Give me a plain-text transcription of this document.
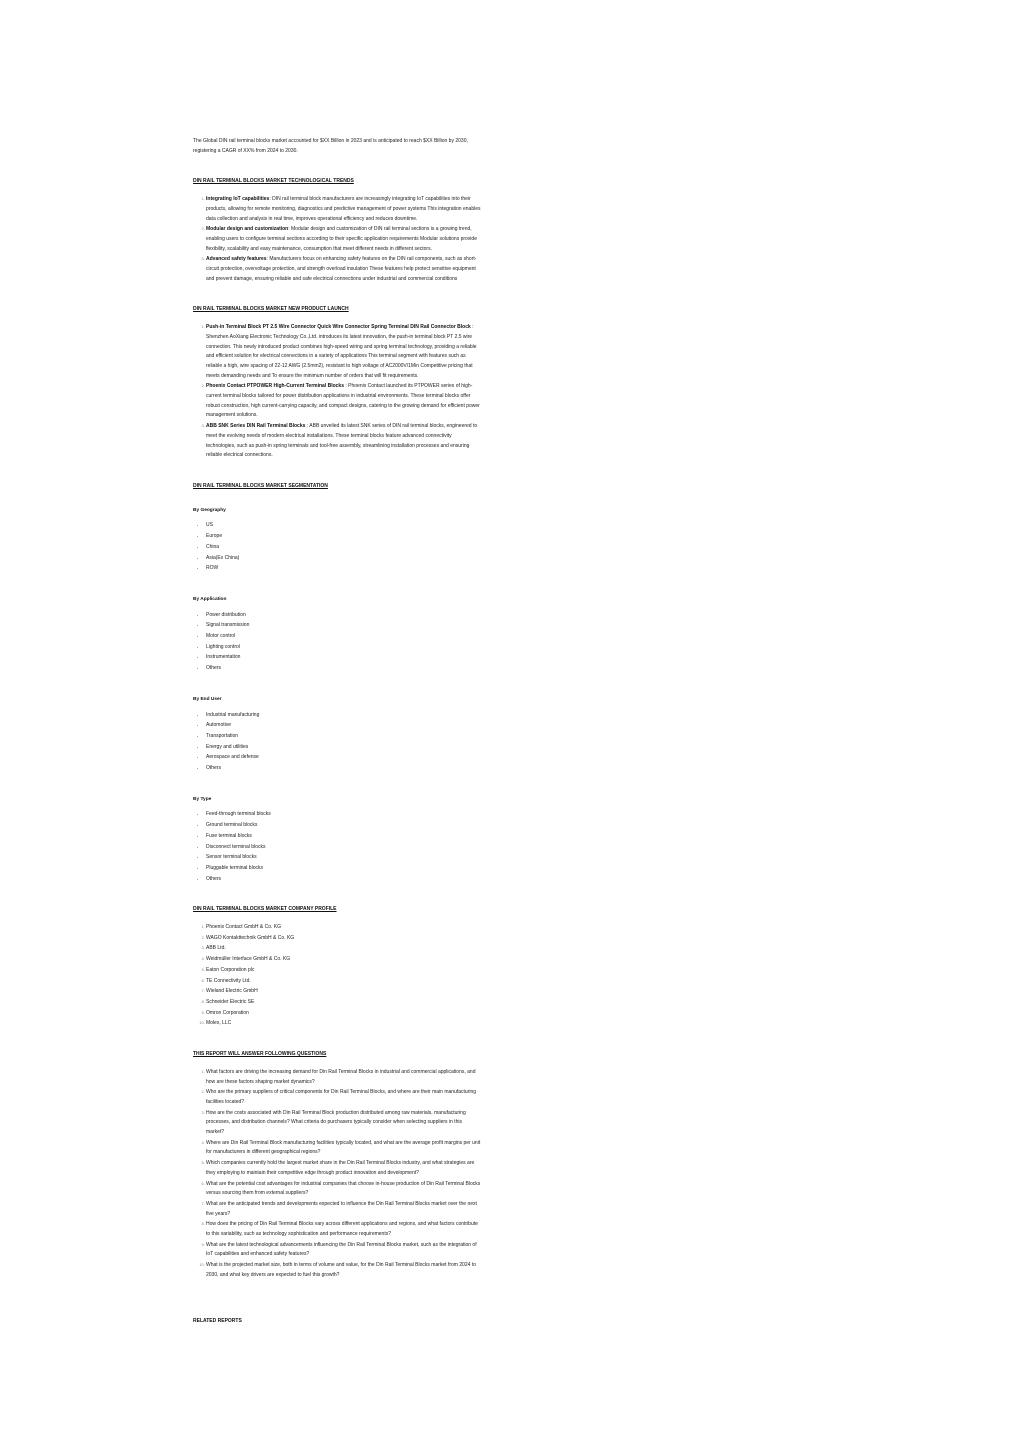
The Global DIN rail terminal blocks market accounted for $XX Billion in 2023 and is anticipated to reach $XX Billion by 2030, registering a CAGR of XX% from 2024 to 2030.

DIN RAIL TERMINAL BLOCKS MARKET TECHNOLOGICAL TRENDS
1. Integrating IoT capabilities: DIN rail terminal block manufacturers are increasingly integrating IoT capabilities into their products, allowing for remote monitoring, diagnostics and predictive management of power systems This integration enables data collection and analysis in real time, improves operational efficiency and reduces downtime.
2. Modular design and customization: Modular design and customization of DIN rail terminal sections is a growing trend, enabling users to configure terminal sections according to their specific application requirements Modular solutions provide flexibility, scalability and easy maintenance, consumption that meet different needs in different sectors.
3. Advanced safety features: Manufacturers focus on enhancing safety features on the DIN rail components, such as short-circuit protection, overvoltage protection, and strength overload insulation These features help protect sensitive equipment and prevent damage, ensuring reliable and safe electrical connections under industrial and commercial conditions
DIN RAIL TERMINAL BLOCKS MARKET NEW PRODUCT LAUNCH
1. Push-in Terminal Block PT 2.5 Wire Connector Quick Wire Connector Spring Terminal DIN Rail Connector Block : Shenzhen AoXiang Electronic Technology Co.,Ltd. introduces its latest innovation, the push-in terminal block PT 2.5 wire connection. This newly introduced product combines high-speed wiring and spring terminal technology, providing a reliable and efficient solution for electrical connections in a variety of applications This terminal segment with features such as reliable a high, wire spacing of 22-12 AWG (2.5mm2), resistant to high voltage of AC2000V/1Min Competitive pricing that meets demanding needs and To ensure the minimum number of orders that will fit requirements.
2. Phoenix Contact PTPOWER High-Current Terminal Blocks : Phoenix Contact launched its PTPOWER series of high-current terminal blocks tailored for power distribution applications in industrial environments. These terminal blocks offer robust construction, high current-carrying capacity, and compact designs, catering to the growing demand for efficient power management solutions.
3. ABB SNK Series DIN Rail Terminal Blocks : ABB unveiled its latest SNK series of DIN rail terminal blocks, engineered to meet the evolving needs of modern electrical installations. These terminal blocks feature advanced connectivity technologies, such as push-in spring terminals and tool-free assembly, streamlining installation processes and ensuring reliable electrical connections.
DIN RAIL TERMINAL BLOCKS MARKET SEGMENTATION
By Geography
• US
• Europe
• China
• Asia(Ex China)
• ROW
By Application
• Power distribution
• Signal transmission
• Motor control
• Lighting control
• Instrumentation
• Others
By End User
• Industrial manufacturing
• Automotive
• Transportation
• Energy and utilities
• Aerospace and defense
• Others
By Type
• Feed-through terminal blocks
• Ground terminal blocks
• Fuse terminal blocks
• Disconnect terminal blocks
• Sensor terminal blocks
• Pluggable terminal blocks
• Others
DIN RAIL TERMINAL BLOCKS MARKET COMPANY PROFILE
1. Phoenix Contact GmbH & Co. KG
2. WAGO Kontakttechnik GmbH & Co. KG
3. ABB Ltd.
4. Weidmüller Interface GmbH & Co. KG
5. Eaton Corporation plc
6. TE Connectivity Ltd.
7. Wieland Electric GmbH
8. Schneider Electric SE
9. Omron Corporation
10. Molex, LLC
THIS REPORT WILL ANSWER FOLLOWING QUESTIONS
1. What factors are driving the increasing demand for Din Rail Terminal Blocks in industrial and commercial applications, and how are these factors shaping market dynamics?
2. Who are the primary suppliers of critical components for Din Rail Terminal Blocks, and where are their main manufacturing facilities located?
3. How are the costs associated with Din Rail Terminal Block production distributed among raw materials, manufacturing processes, and distribution channels? What criteria do purchasers typically consider when selecting suppliers in this market?
4. Where are Din Rail Terminal Block manufacturing facilities typically located, and what are the average profit margins per unit for manufacturers in different geographical regions?
5. Which companies currently hold the largest market share in the Din Rail Terminal Blocks industry, and what strategies are they employing to maintain their competitive edge through product innovation and development?
6. What are the potential cost advantages for industrial companies that choose in-house production of Din Rail Terminal Blocks versus sourcing them from external suppliers?
7. What are the anticipated trends and developments expected to influence the Din Rail Terminal Blocks market over the next five years?
8. How does the pricing of Din Rail Terminal Blocks vary across different applications and regions, and what factors contribute to this variability, such as technology sophistication and performance requirements?
9. What are the latest technological advancements influencing the Din Rail Terminal Blocks market, such as the integration of IoT capabilities and enhanced safety features?
10. What is the projected market size, both in terms of volume and value, for the Din Rail Terminal Blocks market from 2024 to 2030, and what key drivers are expected to fuel this growth?
RELATED REPORTS
